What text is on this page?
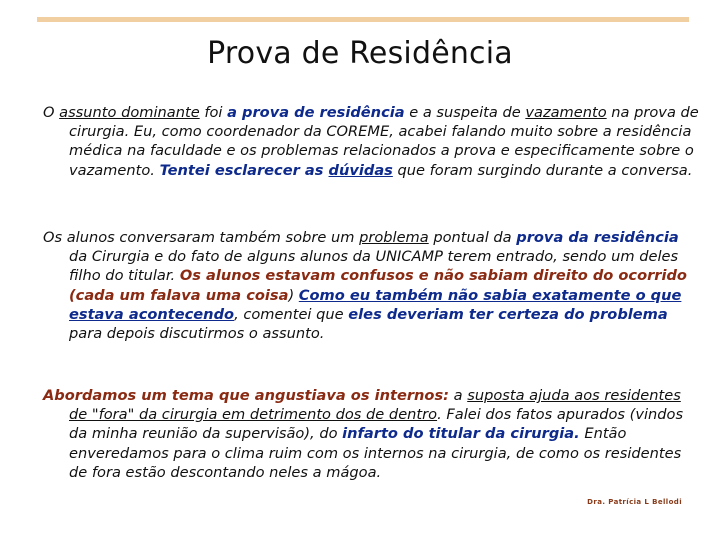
Prova de Residência

O assunto dominante foi a prova de residência e a suspeita de vazamento na prova de cirurgia. Eu, como coordenador da COREME, acabei falando muito sobre a residência médica na faculdade e os problemas relacionados a prova e especificamente sobre o vazamento. Tentei esclarecer as dúvidas que foram surgindo durante a conversa.

Os alunos conversaram também sobre um problema pontual da prova da residência da Cirurgia e do fato de alguns alunos da UNICAMP terem entrado, sendo um deles filho do titular. Os alunos estavam confusos e não sabiam direito do ocorrido (cada um falava uma coisa) Como eu também não sabia exatamente o que estava acontecendo, comentei que eles deveriam ter certeza do problema para depois discutirmos o assunto.

Abordamos um tema que angustiava os internos: a suposta ajuda aos residentes de "fora" da cirurgia em detrimento dos de dentro. Falei dos fatos apurados (vindos da minha reunião da supervisão), do infarto do titular da cirurgia. Então enveredamos para o clima ruim com os internos na cirurgia, de como os residentes de fora estão descontando neles a mágoa.

Dra. Patrícia L Bellodi
